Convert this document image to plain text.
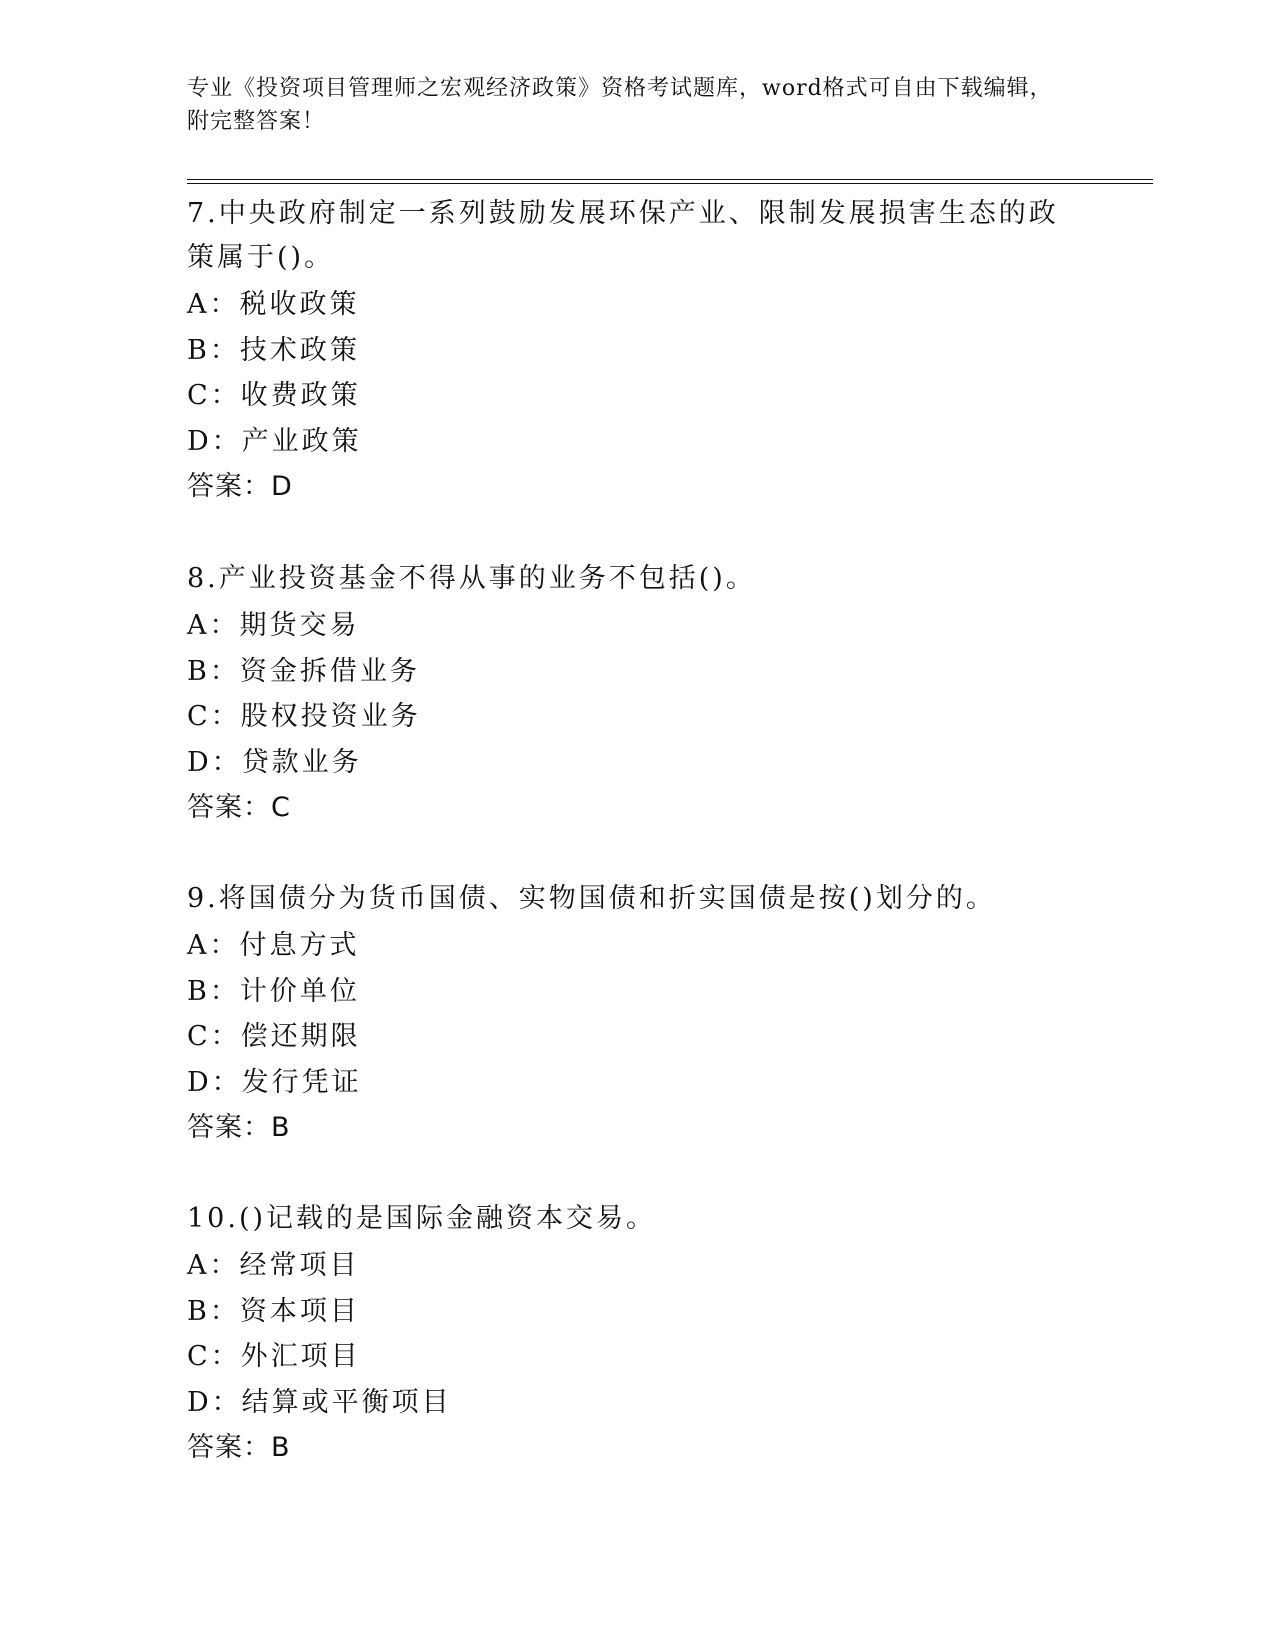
专业《投资项目管理师之宏观经济政策》资格考试题库，word格式可自由下载编辑，附完整答案！

7.中央政府制定一系列鼓励发展环保产业、限制发展损害生态的政策属于()。

A：税收政策

B：技术政策

C：收费政策

D：产业政策

答案：D

8.产业投资基金不得从事的业务不包括()。

A：期货交易

B：资金拆借业务

C：股权投资业务

D：贷款业务

答案：C

9.将国债分为货币国债、实物国债和折实国债是按()划分的。

A：付息方式

B：计价单位

C：偿还期限

D：发行凭证

答案：B

10.()记载的是国际金融资本交易。

A：经常项目

B：资本项目

C：外汇项目

D：结算或平衡项目

答案：B
